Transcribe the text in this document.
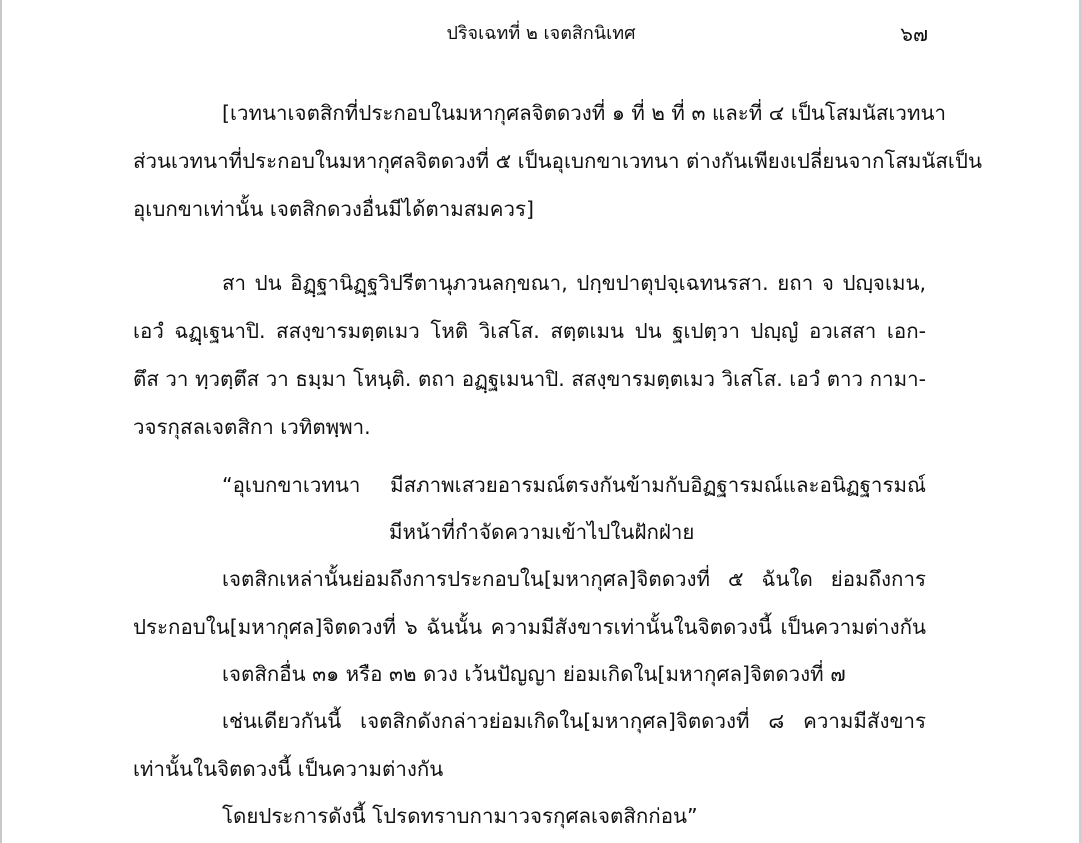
ปริจเฉทที่ ๒ เจตสิกนิเทศ	๖๗
[เวทนาเจตสิกที่ประกอบในมหากุศลจิตดวงที่ ๑ ที่ ๒ ที่ ๓ และที่ ๔ เป็นโสมนัสเวทนา
ส่วนเวทนาที่ประกอบในมหากุศลจิตดวงที่ ๕ เป็นอุเบกขาเวทนา ต่างกันเพียงเปลี่ยนจากโสมนัสเป็น
อุเบกขาเท่านั้น เจตสิกดวงอื่นมีได้ตามสมควร]
สา ปน อิฏฺฐานิฏฺฐวิปรีตานุภวนลกฺขณา, ปกฺขปาตุปจฺเฉทนรสา. ยถา จ ปญฺจเมน,
เอวํ ฉฏฺเฐนาปิ. สสงฺขารมตฺตเมว โหติ วิเสโส. สตฺตเมน ปน ฐเปตฺวา ปญฺญํ อวเสสา เอก-
ตึส วา ทฺวตฺตึส วา ธมฺมา โหนฺติ. ตถา อฏฺฐเมนาปิ. สสงฺขารมตฺตเมว วิเสโส. เอวํ ตาว กามา-
วจรกุสลเจตสิกา เวทิตพฺพา.
“อุเบกขาเวทนา มีสภาพเสวยอารมณ์ตรงกันข้ามกับอิฏฐารมณ์และอนิฏฐารมณ์
มีหน้าที่กำจัดความเข้าไปในฝักฝ่าย
เจตสิกเหล่านั้นย่อมถึงการประกอบใน[มหากุศล]จิตดวงที่ ๕ ฉันใด ย่อมถึงการ
ประกอบใน[มหากุศล]จิตดวงที่ ๖ ฉันนั้น ความมีสังขารเท่านั้นในจิตดวงนี้ เป็นความต่างกัน
เจตสิกอื่น ๓๑ หรือ ๓๒ ดวง เว้นปัญญา ย่อมเกิดใน[มหากุศล]จิตดวงที่ ๗
เช่นเดียวกันนี้ เจตสิกดังกล่าวย่อมเกิดใน[มหากุศล]จิตดวงที่ ๘ ความมีสังขาร
เท่านั้นในจิตดวงนี้ เป็นความต่างกัน
โดยประการดังนี้ โปรดทราบกามาวจรกุศลเจตสิกก่อน”
